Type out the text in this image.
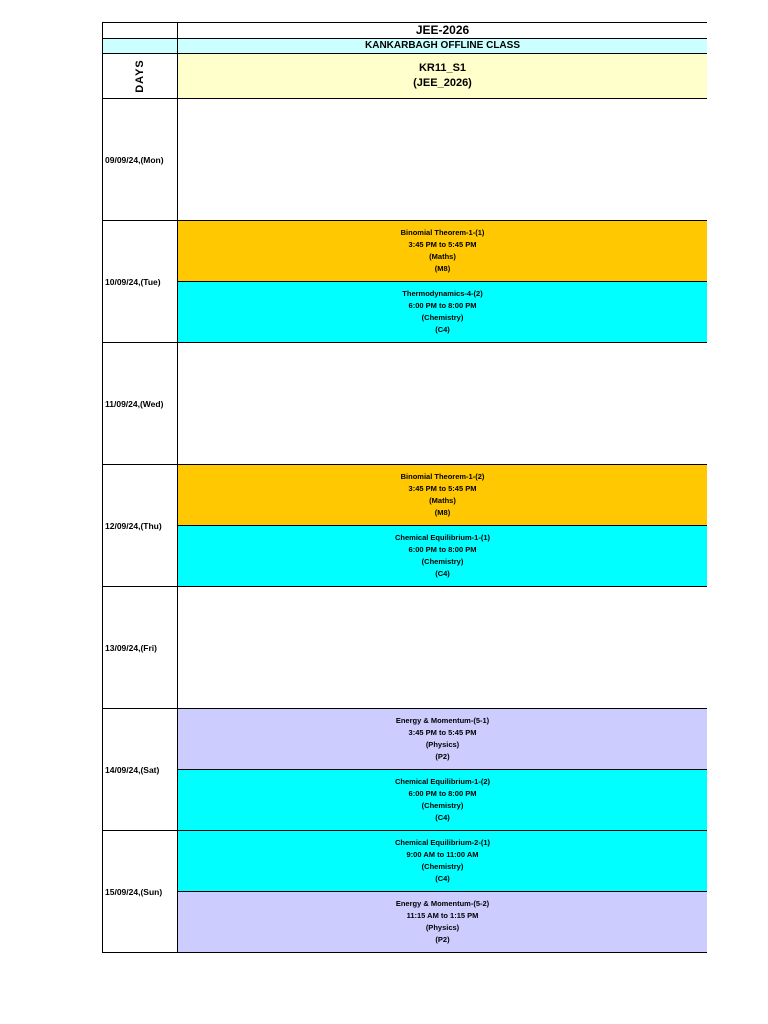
JEE-2026
KANKARBAGH OFFLINE CLASS
DAYS	KR11_S1
(JEE_2026)
09/09/24,(Mon)
10/09/24,(Tue)
Binomial Theorem-1-(1)
3:45 PM to 5:45 PM
(Maths)
(M8)
Thermodynamics-4-(2)
6:00 PM to 8:00 PM
(Chemistry)
(C4)
11/09/24,(Wed)
12/09/24,(Thu)
Binomial Theorem-1-(2)
3:45 PM to 5:45 PM
(Maths)
(M8)
Chemical Equilibrium-1-(1)
6:00 PM to 8:00 PM
(Chemistry)
(C4)
13/09/24,(Fri)
14/09/24,(Sat)
Energy & Momentum-(5-1)
3:45 PM to 5:45 PM
(Physics)
(P2)
Chemical Equilibrium-1-(2)
6:00 PM to 8:00 PM
(Chemistry)
(C4)
15/09/24,(Sun)
Chemical Equilibrium-2-(1)
9:00 AM to 11:00 AM
(Chemistry)
(C4)
Energy & Momentum-(5-2)
11:15 AM to 1:15 PM
(Physics)
(P2)
